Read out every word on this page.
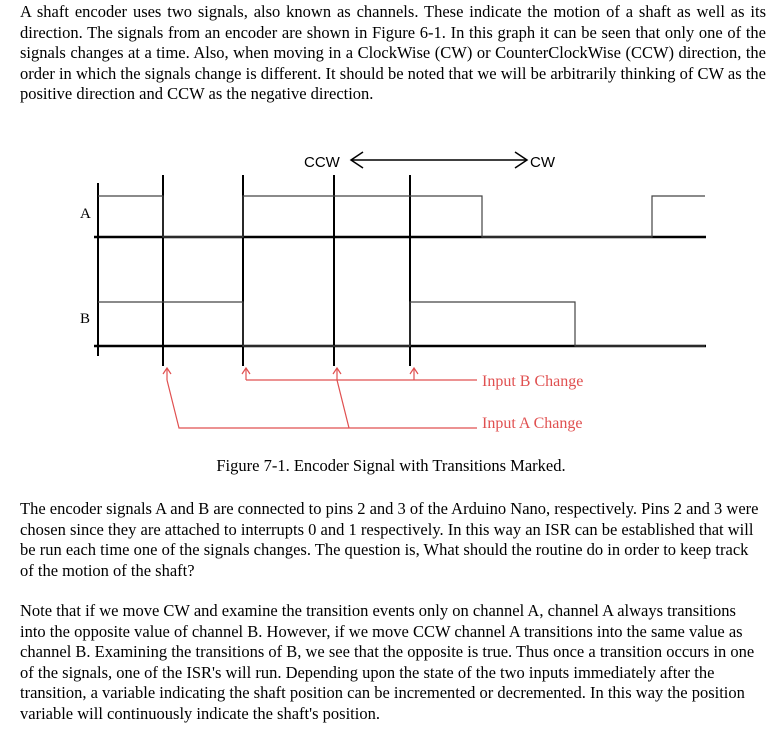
A shaft encoder uses two signals, also known as channels. These indicate the motion of a shaft as well as its direction. The signals from an encoder are shown in Figure 6-1. In this graph it can be seen that only one of the signals changes at a time. Also, when moving in a ClockWise (CW) or CounterClockWise (CCW) direction, the order in which the signals change is different. It should be noted that we will be arbitrarily thinking of CW as the positive direction and CCW as the negative direction.

CCW	CW
A
B
Input B Change
Input A Change
Figure 7-1. Encoder Signal with Transitions Marked.

The encoder signals A and B are connected to pins 2 and 3 of the Arduino Nano, respectively. Pins 2 and 3 were chosen since they are attached to interrupts 0 and 1 respectively. In this way an ISR can be established that will be run each time one of the signals changes. The question is, What should the routine do in order to keep track of the motion of the shaft?

Note that if we move CW and examine the transition events only on channel A, channel A always transitions into the opposite value of channel B. However, if we move CCW channel A transitions into the same value as channel B. Examining the transitions of B, we see that the opposite is true. Thus once a transition occurs in one of the signals, one of the ISR's will run. Depending upon the state of the two inputs immediately after the transition, a variable indicating the shaft position can be incremented or decremented. In this way the position variable will continuously indicate the shaft's position.
